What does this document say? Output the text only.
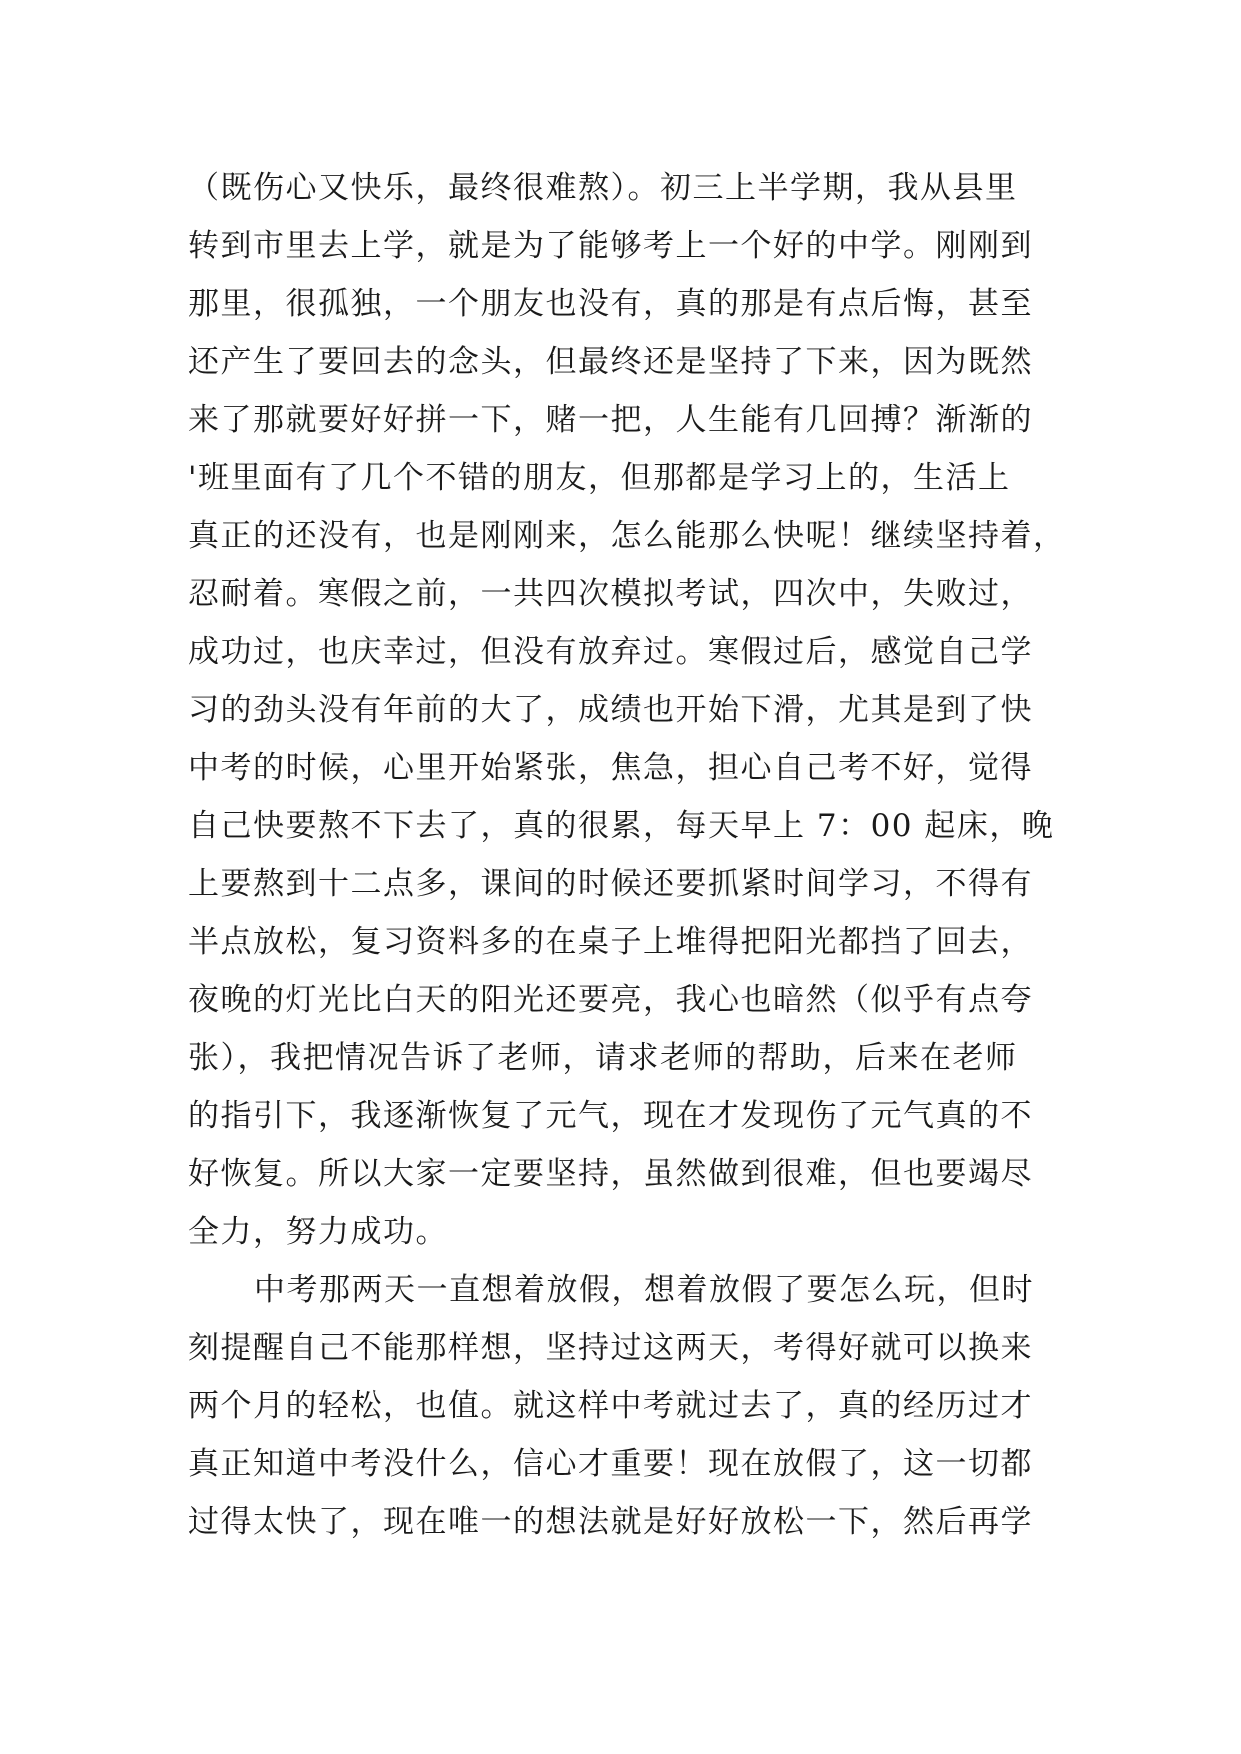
（既伤心又快乐，最终很难熬）。初三上半学期，我从县里
转到市里去上学，就是为了能够考上一个好的中学。刚刚到
那里，很孤独，一个朋友也没有，真的那是有点后悔，甚至
还产生了要回去的念头，但最终还是坚持了下来，因为既然
来了那就要好好拼一下，赌一把，人生能有几回搏？渐渐的
'班里面有了几个不错的朋友，但那都是学习上的，生活上
真正的还没有，也是刚刚来，怎么能那么快呢！继续坚持着，
忍耐着。寒假之前，一共四次模拟考试，四次中，失败过，
成功过，也庆幸过，但没有放弃过。寒假过后，感觉自己学
习的劲头没有年前的大了，成绩也开始下滑，尤其是到了快
中考的时候，心里开始紧张，焦急，担心自己考不好，觉得
自己快要熬不下去了，真的很累，每天早上 7：00 起床，晚
上要熬到十二点多，课间的时候还要抓紧时间学习，不得有
半点放松，复习资料多的在桌子上堆得把阳光都挡了回去，
夜晚的灯光比白天的阳光还要亮，我心也暗然（似乎有点夸
张），我把情况告诉了老师，请求老师的帮助，后来在老师
的指引下，我逐渐恢复了元气，现在才发现伤了元气真的不
好恢复。所以大家一定要坚持，虽然做到很难，但也要竭尽
全力，努力成功。
中考那两天一直想着放假，想着放假了要怎么玩，但时
刻提醒自己不能那样想，坚持过这两天，考得好就可以换来
两个月的轻松，也值。就这样中考就过去了，真的经历过才
真正知道中考没什么，信心才重要！现在放假了，这一切都
过得太快了，现在唯一的想法就是好好放松一下，然后再学
